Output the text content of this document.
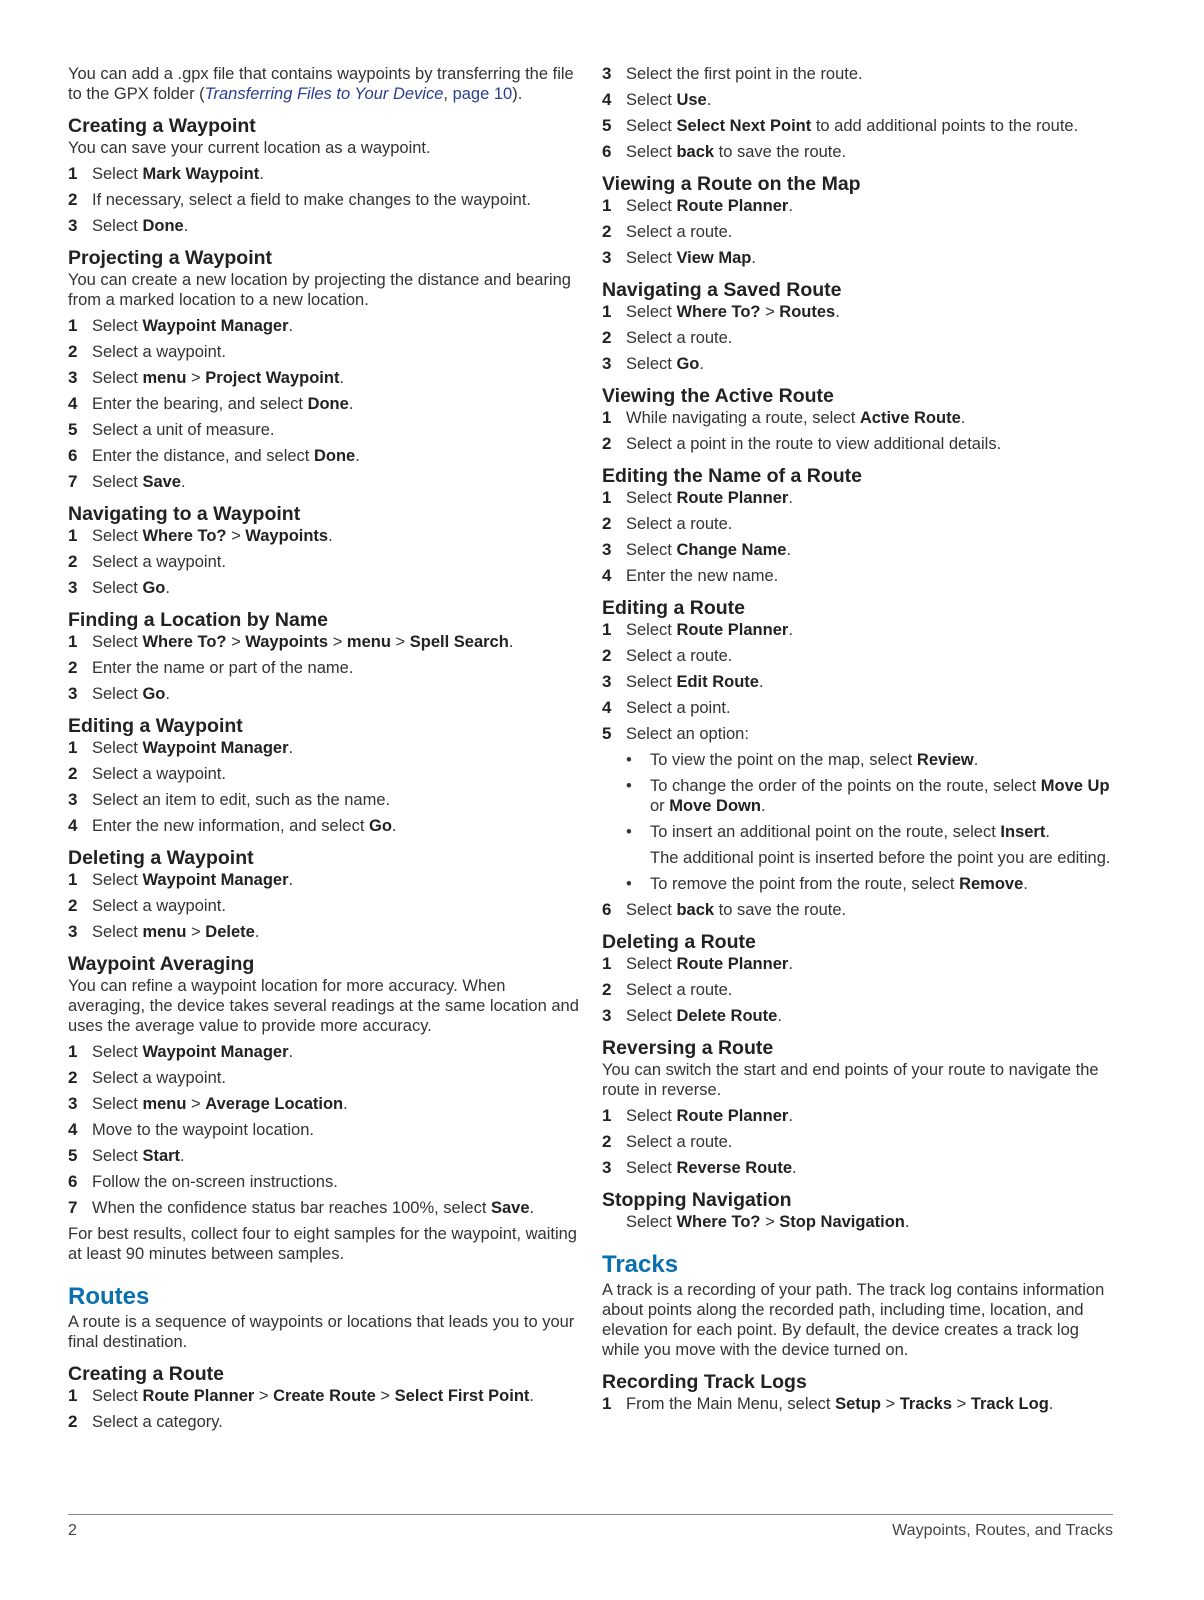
You can add a .gpx file that contains waypoints by transferring the file to the GPX folder (Transferring Files to Your Device, page 10).

Creating a Waypoint

You can save your current location as a waypoint.

1 Select Mark Waypoint.
2 If necessary, select a field to make changes to the waypoint.
3 Select Done.
Projecting a Waypoint

You can create a new location by projecting the distance and bearing from a marked location to a new location.

1 Select Waypoint Manager.
2 Select a waypoint.
3 Select menu > Project Waypoint.
4 Enter the bearing, and select Done.
5 Select a unit of measure.
6 Enter the distance, and select Done.
7 Select Save.
Navigating to a Waypoint
1 Select Where To? > Waypoints.
2 Select a waypoint.
3 Select Go.
Finding a Location by Name
1 Select Where To? > Waypoints > menu > Spell Search.
2 Enter the name or part of the name.
3 Select Go.
Editing a Waypoint
1 Select Waypoint Manager.
2 Select a waypoint.
3 Select an item to edit, such as the name.
4 Enter the new information, and select Go.
Deleting a Waypoint
1 Select Waypoint Manager.
2 Select a waypoint.
3 Select menu > Delete.
Waypoint Averaging

You can refine a waypoint location for more accuracy. When averaging, the device takes several readings at the same location and uses the average value to provide more accuracy.

1 Select Waypoint Manager.
2 Select a waypoint.
3 Select menu > Average Location.
4 Move to the waypoint location.
5 Select Start.
6 Follow the on-screen instructions.
7 When the confidence status bar reaches 100%, select Save.

For best results, collect four to eight samples for the waypoint, waiting at least 90 minutes between samples.

Routes

A route is a sequence of waypoints or locations that leads you to your final destination.

Creating a Route
1 Select Route Planner > Create Route > Select First Point.
2 Select a category.
3 Select the first point in the route.
4 Select Use.
5 Select Select Next Point to add additional points to the route.
6 Select back to save the route.
Viewing a Route on the Map
1 Select Route Planner.
2 Select a route.
3 Select View Map.
Navigating a Saved Route
1 Select Where To? > Routes.
2 Select a route.
3 Select Go.
Viewing the Active Route
1 While navigating a route, select Active Route.
2 Select a point in the route to view additional details.
Editing the Name of a Route
1 Select Route Planner.
2 Select a route.
3 Select Change Name.
4 Enter the new name.
Editing a Route
1 Select Route Planner.
2 Select a route.
3 Select Edit Route.
4 Select a point.
5 Select an option:
•	To view the point on the map, select Review.
•	To change the order of the points on the route, select Move Up or Move Down.
•	To insert an additional point on the route, select Insert.

The additional point is inserted before the point you are editing.

•	To remove the point from the route, select Remove.
6 Select back to save the route.
Deleting a Route
1 Select Route Planner.
2 Select a route.
3 Select Delete Route.
Reversing a Route

You can switch the start and end points of your route to navigate the route in reverse.

1 Select Route Planner.
2 Select a route.
3 Select Reverse Route.
Stopping Navigation

Select Where To? > Stop Navigation.

Tracks

A track is a recording of your path. The track log contains information about points along the recorded path, including time, location, and elevation for each point. By default, the device creates a track log while you move with the device turned on.

Recording Track Logs
1 From the Main Menu, select Setup > Tracks > Track Log.
2	Waypoints, Routes, and Tracks
